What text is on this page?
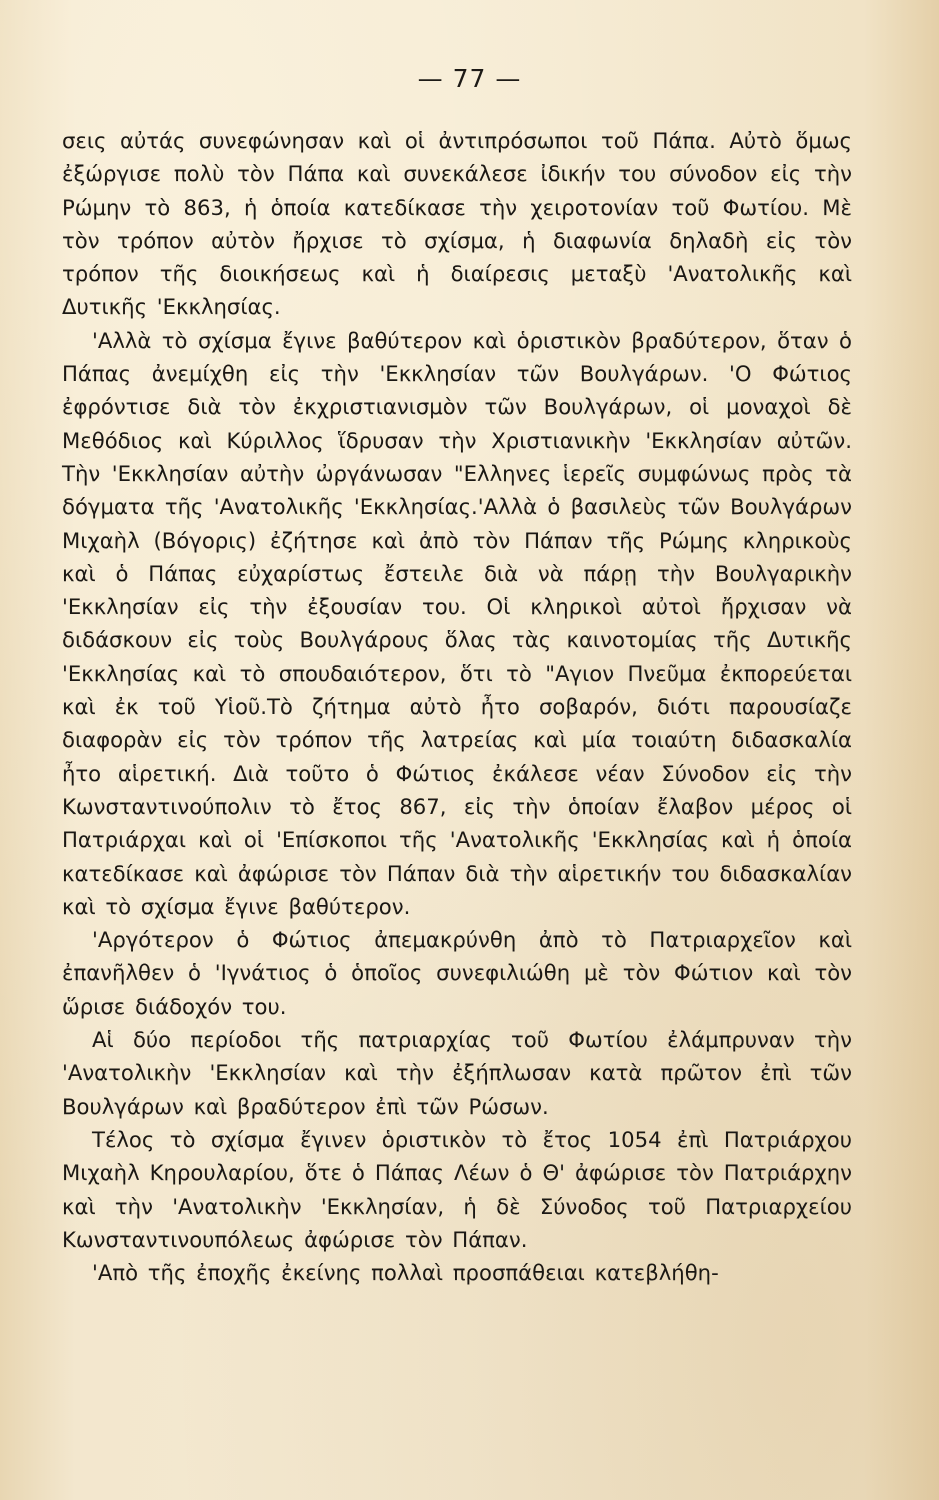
— 77 —

σεις αὐτάς συνεφώνησαν καὶ οἱ ἀντιπρόσωποι τοῦ Πάπα. Αὐτὸ ὅμως ἐξώργισε πολὺ τὸν Πάπα καὶ συνεκάλεσε ἰδικήν του σύνοδον εἰς τὴν Ρώμην τὸ 863, ἡ ὁποία κατεδίκασε τὴν χειροτονίαν τοῦ Φωτίου. Μὲ τὸν τρόπον αὐτὸν ἤρχισε τὸ σχίσμα, ἡ διαφωνία δηλαδὴ εἰς τὸν τρόπον τῆς διοικήσεως καὶ ἡ διαίρεσις μεταξὺ 'Ανατολικῆς καὶ Δυτικῆς 'Εκκλησίας.

'Αλλὰ τὸ σχίσμα ἔγινε βαθύτερον καὶ ὁριστικὸν βραδύτερον, ὅταν ὁ Πάπας ἀνεμίχθη εἰς τὴν 'Εκκλησίαν τῶν Βουλγάρων. 'Ο Φώτιος ἐφρόντισε διὰ τὸν ἐκχριστιανισμὸν τῶν Βουλγάρων, οἱ μοναχοὶ δὲ Μεθόδιος καὶ Κύριλλος ἵδρυσαν τὴν Χριστιανικὴν 'Εκκλησίαν αὐτῶν. Τὴν 'Εκκλησίαν αὐτὴν ὠργάνωσαν "Ελληνες ἱερεῖς συμφώνως πρὸς τὰ δόγματα τῆς 'Ανατολικῆς 'Εκκλησίας.'Αλλὰ ὁ βασιλεὺς τῶν Βουλγάρων Μιχαὴλ (Βόγορις) ἐζήτησε καὶ ἀπὸ τὸν Πάπαν τῆς Ρώμης κληρικοὺς καὶ ὁ Πάπας εὐχαρίστως ἔστειλε διὰ νὰ πάρῃ τὴν Βουλγαρικὴν 'Εκκλησίαν εἰς τὴν ἐξουσίαν του. Οἱ κληρικοὶ αὐτοὶ ἤρχισαν νὰ διδάσκουν εἰς τοὺς Βουλγάρους ὅλας τὰς καινοτομίας τῆς Δυτικῆς 'Εκκλησίας καὶ τὸ σπουδαιότερον, ὅτι τὸ "Αγιον Πνεῦμα ἐκπορεύεται καὶ ἐκ τοῦ Υἱοῦ.Τὸ ζήτημα αὐτὸ ἦτο σοβαρόν, διότι παρουσίαζε διαφορὰν εἰς τὸν τρόπον τῆς λατρείας καὶ μία τοιαύτη διδασκαλία ἦτο αἱρετική. Διὰ τοῦτο ὁ Φώτιος ἐκάλεσε νέαν Σύνοδον εἰς τὴν Κωνσταντινούπολιν τὸ ἔτος 867, εἰς τὴν ὁποίαν ἔλαβον μέρος οἱ Πατριάρχαι καὶ οἱ 'Επίσκοποι τῆς 'Ανατολικῆς 'Εκκλησίας καὶ ἡ ὁποία κατεδίκασε καὶ ἀφώρισε τὸν Πάπαν διὰ τὴν αἱρετικήν του διδασκαλίαν καὶ τὸ σχίσμα ἔγινε βαθύτερον.

'Αργότερον ὁ Φώτιος ἀπεμακρύνθη ἀπὸ τὸ Πατριαρχεῖον καὶ ἐπανῆλθεν ὁ 'Ιγνάτιος ὁ ὁποῖος συνεφιλιώθη μὲ τὸν Φώτιον καὶ τὸν ὥρισε διάδοχόν του.

Αἱ δύο περίοδοι τῆς πατριαρχίας τοῦ Φωτίου ἐλάμπρυναν τὴν 'Ανατολικὴν 'Εκκλησίαν καὶ τὴν ἐξήπλωσαν κατὰ πρῶτον ἐπὶ τῶν Βουλγάρων καὶ βραδύτερον ἐπὶ τῶν Ρώσων.

Τέλος τὸ σχίσμα ἔγινεν ὁριστικὸν τὸ ἔτος 1054 ἐπὶ Πατριάρχου Μιχαὴλ Κηρουλαρίου, ὅτε ὁ Πάπας Λέων ὁ Θ' ἀφώρισε τὸν Πατριάρχην καὶ τὴν 'Ανατολικὴν 'Εκκλησίαν, ἡ δὲ Σύνοδος τοῦ Πατριαρχείου Κωνσταντινουπόλεως ἀφώρισε τὸν Πάπαν.

'Απὸ τῆς ἐποχῆς ἐκείνης πολλαὶ προσπάθειαι κατεβλήθη-
